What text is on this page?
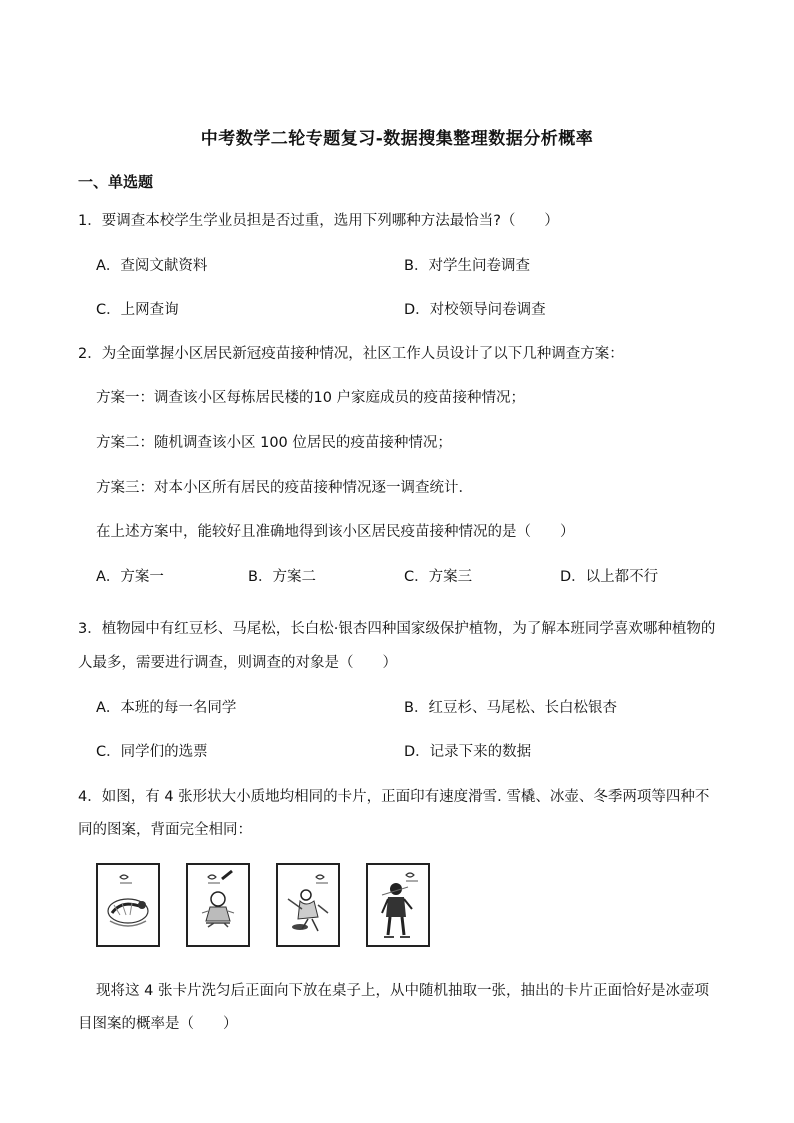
中考数学二轮专题复习-数据搜集整理数据分析概率
一、单选题
1．要调查本校学生学业员担是否过重，选用下列哪种方法最恰当?（　　）
A．查阅文献资料	B．对学生问卷调查
C．上网查询	D．对校领导问卷调查
2．为全面掌握小区居民新冠疫苗接种情况，社区工作人员设计了以下几种调查方案：
方案一：调查该小区每栋居民楼的10 户家庭成员的疫苗接种情况；
方案二：随机调查该小区 100 位居民的疫苗接种情况；
方案三：对本小区所有居民的疫苗接种情况逐一调查统计．
在上述方案中，能较好且准确地得到该小区居民疫苗接种情况的是（　　）
A．方案一	B．方案二	C．方案三	D．以上都不行
3．植物园中有红豆杉、马尾松，长白松·银杏四种国家级保护植物，为了解本班同学喜欢哪种植物的
人最多，需要进行调查，则调查的对象是（　　）
A．本班的每一名同学	B．红豆杉、马尾松、长白松银杏
C．同学们的选票	D．记录下来的数据
4．如图，有 4 张形状大小质地均相同的卡片，正面印有速度滑雪. 雪橇、冰壶、冬季两项等四种不
同的图案，背面完全相同：
现将这 4 张卡片洗匀后正面向下放在桌子上，从中随机抽取一张，抽出的卡片正面恰好是冰壶项
目图案的概率是（　　）
